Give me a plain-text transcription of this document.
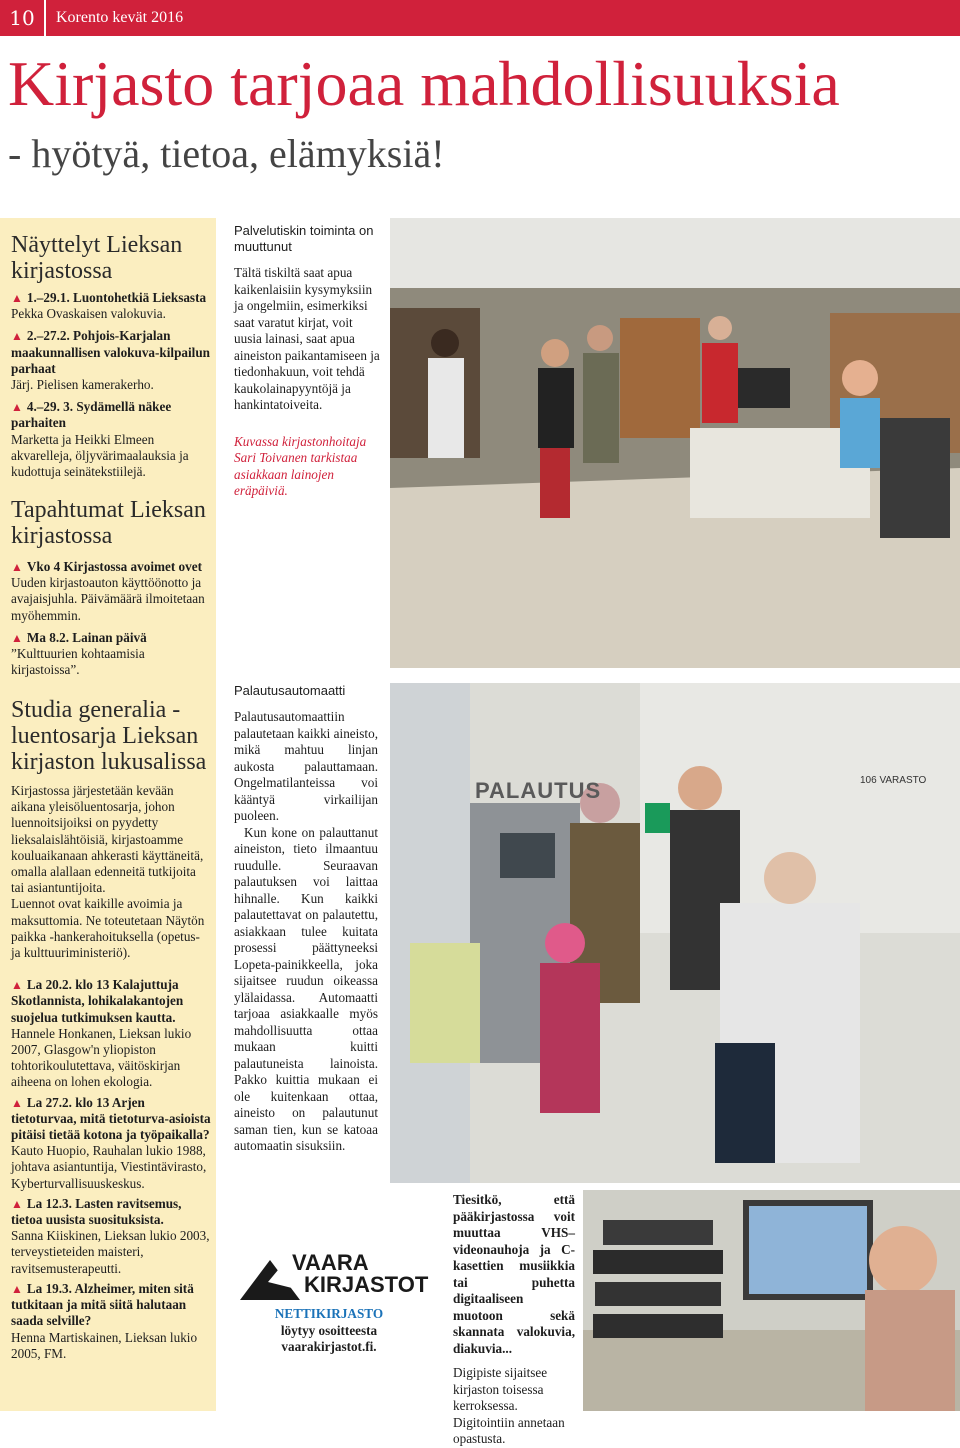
10	Korento kevät 2016
Kirjasto tarjoaa mahdollisuuksia
- hyötyä, tietoa, elämyksiä!
Näyttelyt Lieksan kirjastossa

▲ 1.–29.1. Luontohetkiä Lieksasta
Pekka Ovaskaisen valokuvia.

▲ 2.–27.2. Pohjois-Karjalan maakunnallisen valokuva-kilpailun parhaat
Järj. Pielisen kamerakerho.

▲ 4.–29. 3. Sydämellä näkee parhaiten
Marketta ja Heikki Elmeen akvarelleja, öljyvärimaalauksia ja kudottuja seinätekstiilejä.

Tapahtumat Lieksan kirjastossa

▲ Vko 4 Kirjastossa avoimet ovet
Uuden kirjastoauton käyttöönotto ja avajaisjuhla. Päivämäärä ilmoitetaan myöhemmin.

▲ Ma 8.2. Lainan päivä
”Kulttuurien kohtaamisia kirjastoissa”.

Studia generalia -luentosarja Lieksan kirjaston lukusalissa

Kirjastossa järjestetään kevään aikana yleisöluentosarja, johon luennoitsijoiksi on pyydetty lieksalaislähtöisiä, kirjastoamme kouluaikanaan ahkerasti käyttäneitä, omalla alallaan edenneitä tutkijoita tai asiantuntijoita.

Luennot ovat kaikille avoimia ja maksuttomia. Ne toteutetaan Näytön paikka -hankerahoituksella (opetus- ja kulttuuriministeriö).

▲ La 20.2. klo 13 Kalajuttuja Skotlannista, lohikalakantojen suojelua tutkimuksen kautta.
Hannele Honkanen, Lieksan lukio 2007, Glasgow'n yliopiston tohtorikoulutettava, väitöskirjan aiheena on lohen ekologia.

▲ La 27.2. klo 13 Arjen tietoturvaa, mitä tietoturva-asioista pitäisi tietää kotona ja työpaikalla?
Kauto Huopio, Rauhalan lukio 1988, johtava asiantuntija, Viestintävirasto, Kyberturvallisuuskeskus.

▲ La 12.3. Lasten ravitsemus, tietoa uusista suosituksista.
Sanna Kiiskinen, Lieksan lukio 2003, terveystieteiden maisteri, ravitsemusterapeutti.

▲ La 19.3. Alzheimer, miten sitä tutkitaan ja mitä siitä halutaan saada selville?
Henna Martiskainen, Lieksan lukio 2005, FM.

Palvelutiskin toiminta on muuttunut

Tältä tiskiltä saat apua kaikenlaisiin kysymyksiin ja ongelmiin, esimerkiksi saat varatut kirjat, voit uusia lainasi, saat apua aineiston paikantamiseen ja tiedonhakuun, voit tehdä kaukolainapyyntöjä ja hankintatoiveita.

Kuvassa kirjastonhoitaja Sari Toivanen tarkistaa asiakkaan lainojen eräpäiviä.

Palautusautomaatti

Palautusautomaattiin palautetaan kaikki aineisto, mikä mahtuu linjan aukosta palauttamaan. Ongelmatilanteissa voi kääntyä virkailijan puoleen.

Kun kone on palauttanut aineiston, tieto ilmaantuu ruudulle. Seuraavan palautuksen voi laittaa hihnalle. Kun kaikki palautettavat on palautettu, asiakkaan tulee kuitata prosessi päättyneeksi Lopeta-painikkeella, joka sijaitsee ruudun oikeassa ylälaidassa. Automaatti tarjoaa asiakkaalle myös mahdollisuutta ottaa mukaan kuitti palautuneista lainoista. Pakko kuittia mukaan ei ole kuitenkaan ottaa, aineisto on palautunut saman tien, kun se katoaa automaatin sisuksiin.

PALAUTUS	106 VARASTO
VAARA
KIRJASTOT
NETTIKIRJASTO
löytyy osoitteesta
vaarakirjastot.fi.

Tiesitkö, että pääkirjastossa voit muuttaa VHS–videonauhoja ja C-kasettien musiikkia tai puhetta digitaaliseen muotoon sekä skannata valokuvia, diakuvia...

Digipiste sijaitsee kirjaston toisessa kerroksessa. Digitointiin annetaan opastusta.
